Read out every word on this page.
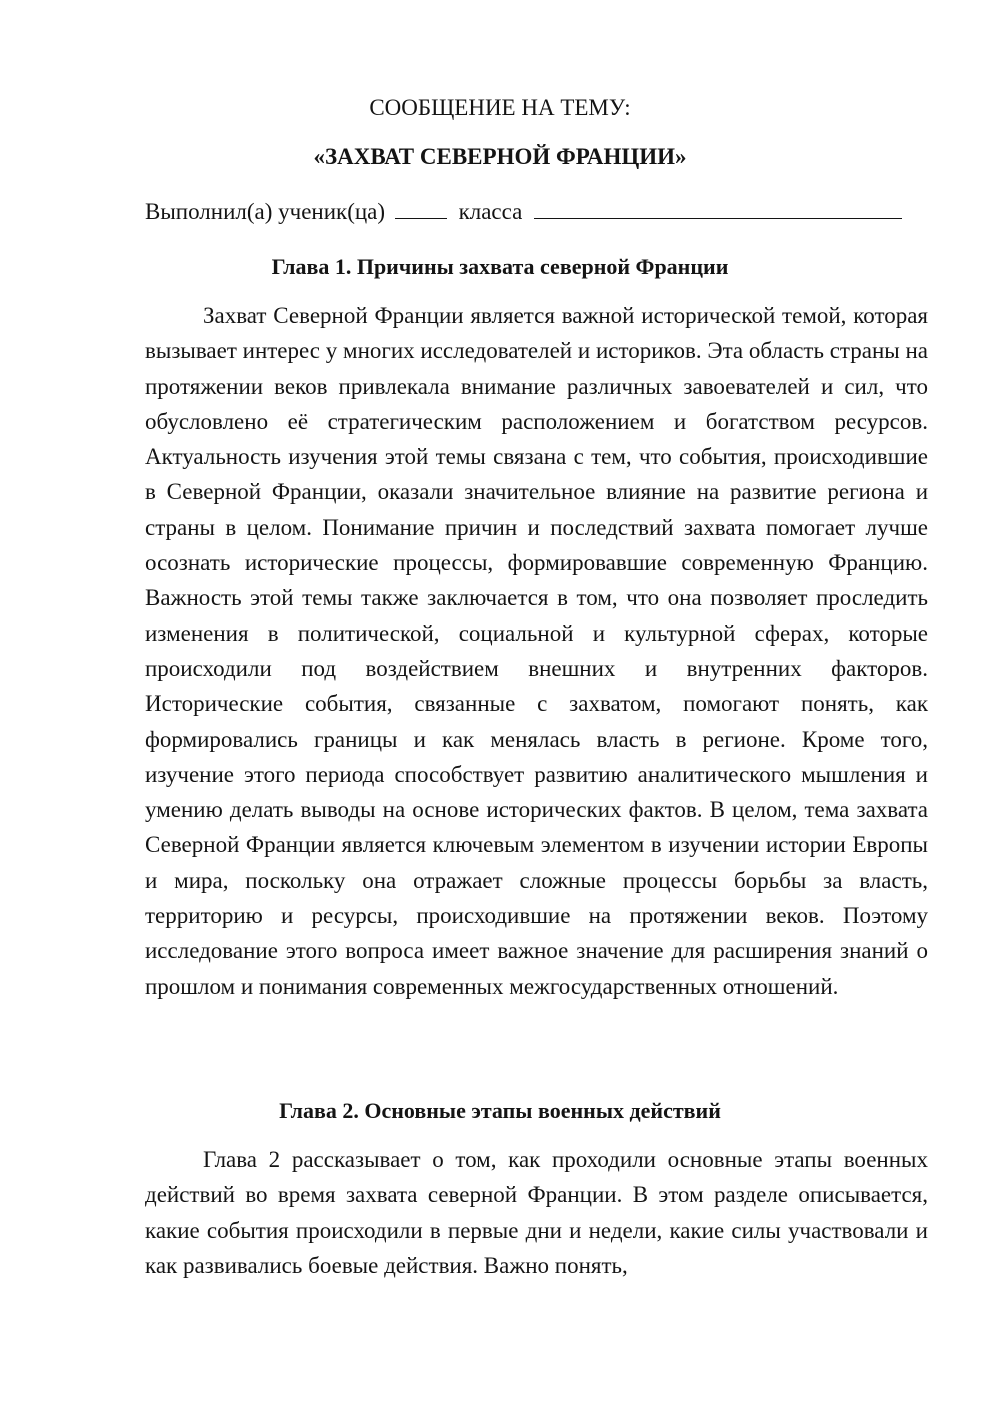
СООБЩЕНИЕ НА ТЕМУ:
«ЗАХВАТ СЕВЕРНОЙ ФРАНЦИИ»
Выполнил(а) ученик(ца)	класса
Глава 1. Причины захвата северной Франции

Захват Северной Франции является важной исторической темой, которая вызывает интерес у многих исследователей и историков. Эта область страны на протяжении веков привлекала внимание различных завоевателей и сил, что обусловлено её стратегическим расположением и богатством ресурсов. Актуальность изучения этой темы связана с тем, что события, происходившие в Северной Франции, оказали значительное влияние на развитие региона и страны в целом. Понимание причин и последствий захвата помогает лучше осознать исторические процессы, формировавшие современную Францию. Важность этой темы также заключается в том, что она позволяет проследить изменения в политической, социальной и культурной сферах, которые происходили под воздействием внешних и внутренних факторов. Исторические события, связанные с захватом, помогают понять, как формировались границы и как менялась власть в регионе. Кроме того, изучение этого периода способствует развитию аналитического мышления и умению делать выводы на основе исторических фактов. В целом, тема захвата Северной Франции является ключевым элементом в изучении истории Европы и мира, поскольку она отражает сложные процессы борьбы за власть, территорию и ресурсы, происходившие на протяжении веков. Поэтому исследование этого вопроса имеет важное значение для расширения знаний о прошлом и понимания современных межгосударственных отношений.

Глава 2. Основные этапы военных действий

Глава 2 рассказывает о том, как проходили основные этапы военных действий во время захвата северной Франции. В этом разделе описывается, какие события происходили в первые дни и недели, какие силы участвовали и как развивались боевые действия. Важно понять,
